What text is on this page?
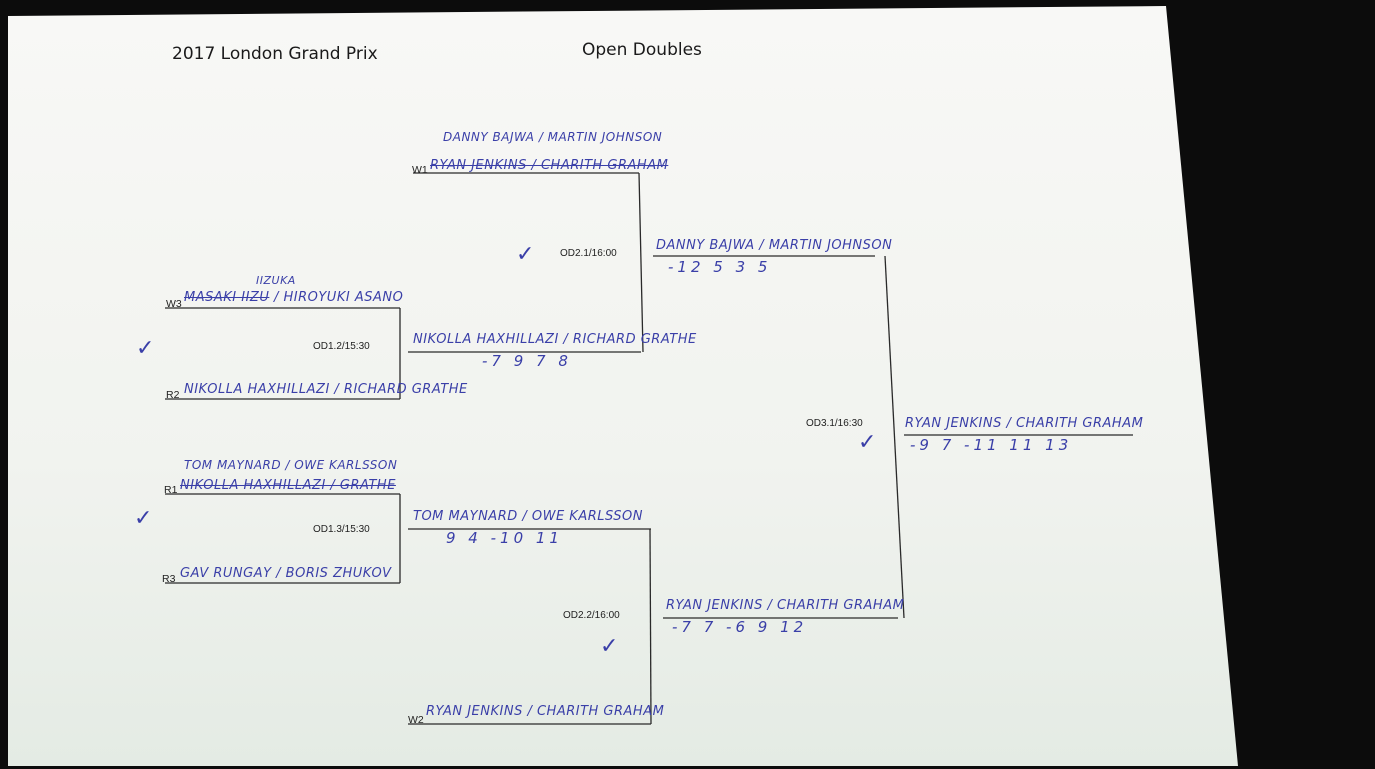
2017 London Grand Prix	Open Doubles
DANNY BAJWA / MARTIN JOHNSON
W1 RYAN JENKINS / CHARITH GRAHAM
IIZUKA
W3 MASAKI IIZU / HIROYUKI ASANO
R2 NIKOLLA HAXHILLAZI / RICHARD GRATHE
TOM MAYNARD / OWE KARLSSON
R1 NIKOLLA HAXHILLAZI / GRATHE
R3 GAV RUNGAY / BORIS ZHUKOV
W2
RYAN JENKINS / CHARITH GRAHAM
OD1.2/15:30
OD1.3/15:30
OD2.1/16:00
OD2.2/16:00
OD3.1/16:30
NIKOLLA HAXHILLAZI / RICHARD GRATHE
-7 9 7 8
TOM MAYNARD / OWE KARLSSON
9 4 -10 11
DANNY BAJWA / MARTIN JOHNSON
-12 5 3 5
RYAN JENKINS / CHARITH GRAHAM
-7 7 -6 9 12
RYAN JENKINS / CHARITH GRAHAM
-9 7 -11 11 13
✓
✓
✓
✓
✓
